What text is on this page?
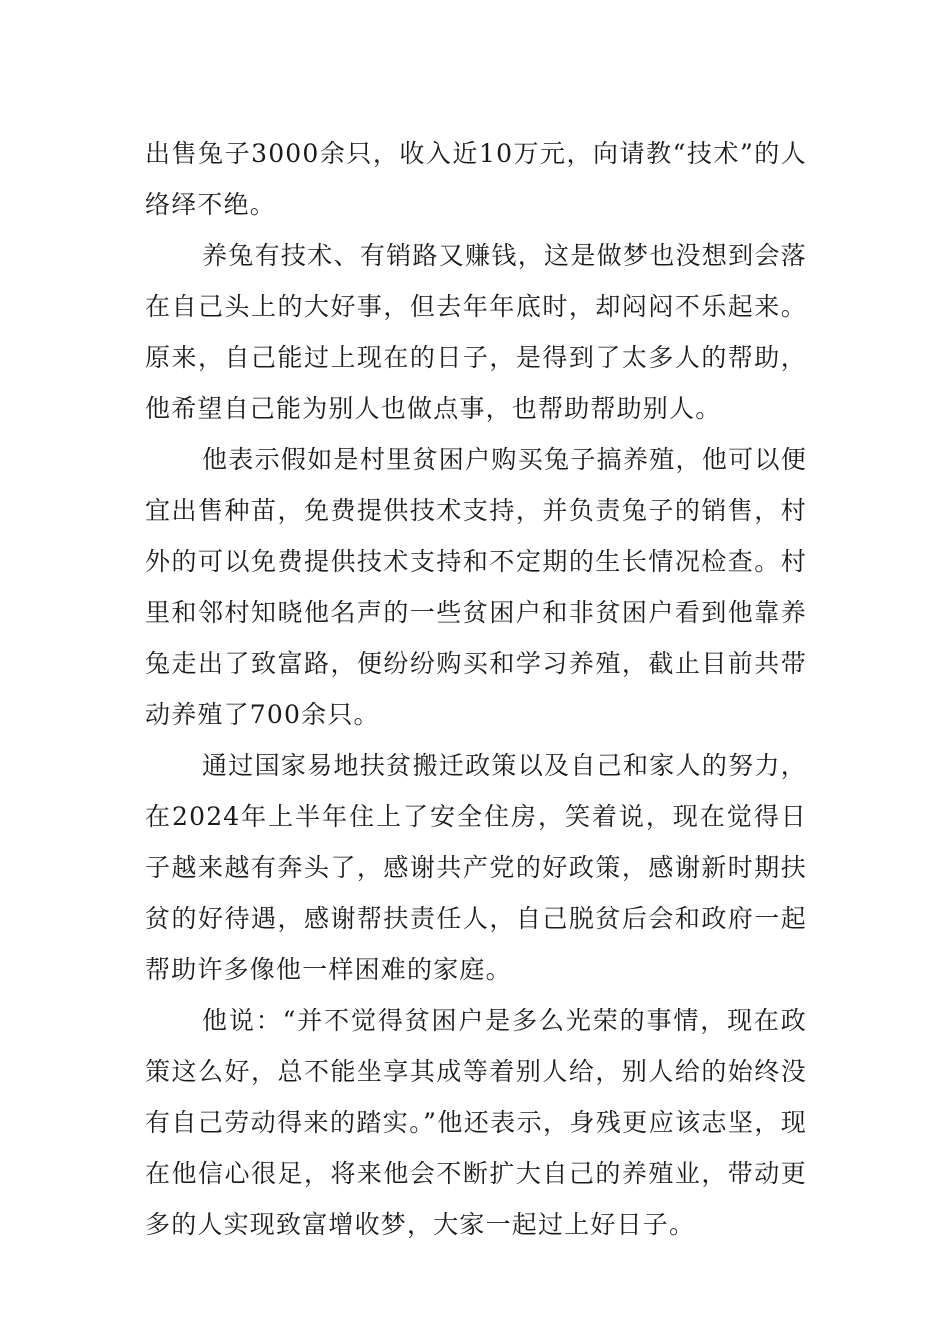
出售兔子3000余只，收入近10万元，向请教“技术”的人络绎不绝。

养兔有技术、有销路又赚钱，这是做梦也没想到会落在自己头上的大好事，但去年年底时，却闷闷不乐起来。原来，自己能过上现在的日子，是得到了太多人的帮助，他希望自己能为别人也做点事，也帮助帮助别人。

他表示假如是村里贫困户购买兔子搞养殖，他可以便宜出售种苗，免费提供技术支持，并负责兔子的销售，村外的可以免费提供技术支持和不定期的生长情况检查。村里和邻村知晓他名声的一些贫困户和非贫困户看到他靠养兔走出了致富路，便纷纷购买和学习养殖，截止目前共带动养殖了700余只。

通过国家易地扶贫搬迁政策以及自己和家人的努力，在2024年上半年住上了安全住房，笑着说，现在觉得日子越来越有奔头了，感谢共产党的好政策，感谢新时期扶贫的好待遇，感谢帮扶责任人，自己脱贫后会和政府一起帮助许多像他一样困难的家庭。

他说：“并不觉得贫困户是多么光荣的事情，现在政策这么好，总不能坐享其成等着别人给，别人给的始终没有自己劳动得来的踏实。”他还表示，身残更应该志坚，现在他信心很足，将来他会不断扩大自己的养殖业，带动更多的人实现致富增收梦，大家一起过上好日子。
